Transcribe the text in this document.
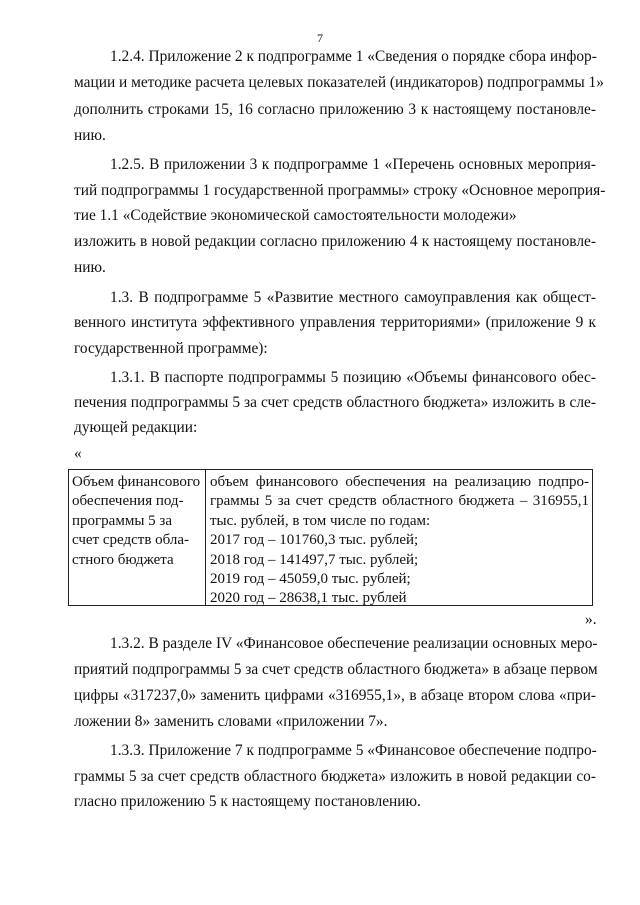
7
1.2.4. Приложение 2 к подпрограмме 1 «Сведения о порядке сбора инфор-
мации и методике расчета целевых показателей (индикаторов) подпрограммы 1»
дополнить строками 15, 16 согласно приложению 3 к настоящему постановле-
нию.
1.2.5. В приложении 3 к подпрограмме 1 «Перечень основных мероприя-
тий подпрограммы 1 государственной программы» строку «Основное мероприя-
тие 1.1 «Содействие экономической самостоятельности молодежи»
изложить в новой редакции согласно приложению 4 к настоящему постановле-
нию.
1.3. В подпрограмме 5 «Развитие местного самоуправления как общест-
венного института эффективного управления территориями» (приложение 9 к
государственной программе):
1.3.1. В паспорте подпрограммы 5 позицию «Объемы финансового обес-
печения подпрограммы 5 за счет средств областного бюджета» изложить в сле-
дующей редакции:
«
Объем финансового
обеспечения под-
программы 5 за
счет средств обла-
стного бюджета
объем финансового обеспечения на реализацию подпро-
граммы 5 за счет средств областного бюджета – 316955,1
тыс. рублей, в том числе по годам:
2017 год – 101760,3 тыс. рублей;
2018 год – 141497,7 тыс. рублей;
2019 год – 45059,0 тыс. рублей;
2020 год – 28638,1 тыс. рублей
».
1.3.2. В разделе IV «Финансовое обеспечение реализации основных меро-
приятий подпрограммы 5 за счет средств областного бюджета» в абзаце первом
цифры «317237,0» заменить цифрами «316955,1», в абзаце втором слова «при-
ложении 8» заменить словами «приложении 7».
1.3.3. Приложение 7 к подпрограмме 5 «Финансовое обеспечение подпро-
граммы 5 за счет средств областного бюджета» изложить в новой редакции со-
гласно приложению 5 к настоящему постановлению.
